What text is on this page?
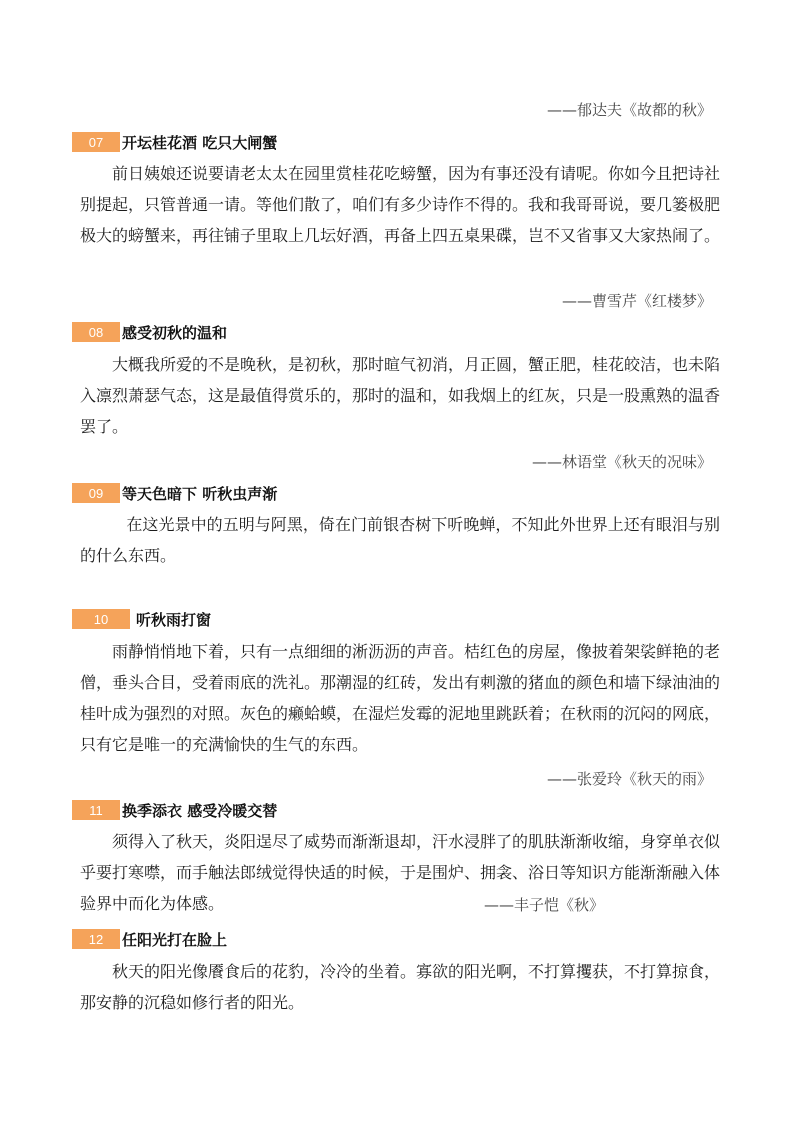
——郁达夫《故都的秋》
07	开坛桂花酒 吃只大闸蟹

前日姨娘还说要请老太太在园里赏桂花吃螃蟹，因为有事还没有请呢。你如今且把诗社别提起，只管普通一请。等他们散了，咱们有多少诗作不得的。我和我哥哥说，要几篓极肥极大的螃蟹来，再往铺子里取上几坛好酒，再备上四五桌果碟，岂不又省事又大家热闹了。

——曹雪芹《红楼梦》
08	感受初秋的温和

大概我所爱的不是晚秋，是初秋，那时暄气初消，月正圆，蟹正肥，桂花皎洁，也未陷入凛烈萧瑟气态，这是最值得赏乐的，那时的温和，如我烟上的红灰，只是一股熏熟的温香罢了。

——林语堂《秋天的况味》
09	等天色暗下 听秋虫声渐

在这光景中的五明与阿黑，倚在门前银杏树下听晚蝉，不知此外世界上还有眼泪与别的什么东西。

10	听秋雨打窗

雨静悄悄地下着，只有一点细细的淅沥沥的声音。桔红色的房屋，像披着架裟鲜艳的老僧，垂头合目，受着雨底的洗礼。那潮湿的红砖，发出有刺激的猪血的颜色和墙下绿油油的桂叶成为强烈的对照。灰色的癞蛤蟆，在湿烂发霉的泥地里跳跃着；在秋雨的沉闷的网底，只有它是唯一的充满愉快的生气的东西。

——张爱玲《秋天的雨》
11	换季添衣 感受冷暖交替

须得入了秋天，炎阳逞尽了威势而渐渐退却，汗水浸胖了的肌肤渐渐收缩，身穿单衣似乎要打寒噤，而手触法郎绒觉得快适的时候，于是围炉、拥衾、浴日等知识方能渐渐融入体验界中而化为体感。	——丰子恺《秋》
12	任阳光打在脸上

秋天的阳光像餍食后的花豹，冷冷的坐着。寡欲的阳光啊，不打算攫获，不打算掠食，那安静的沉稳如修行者的阳光。
